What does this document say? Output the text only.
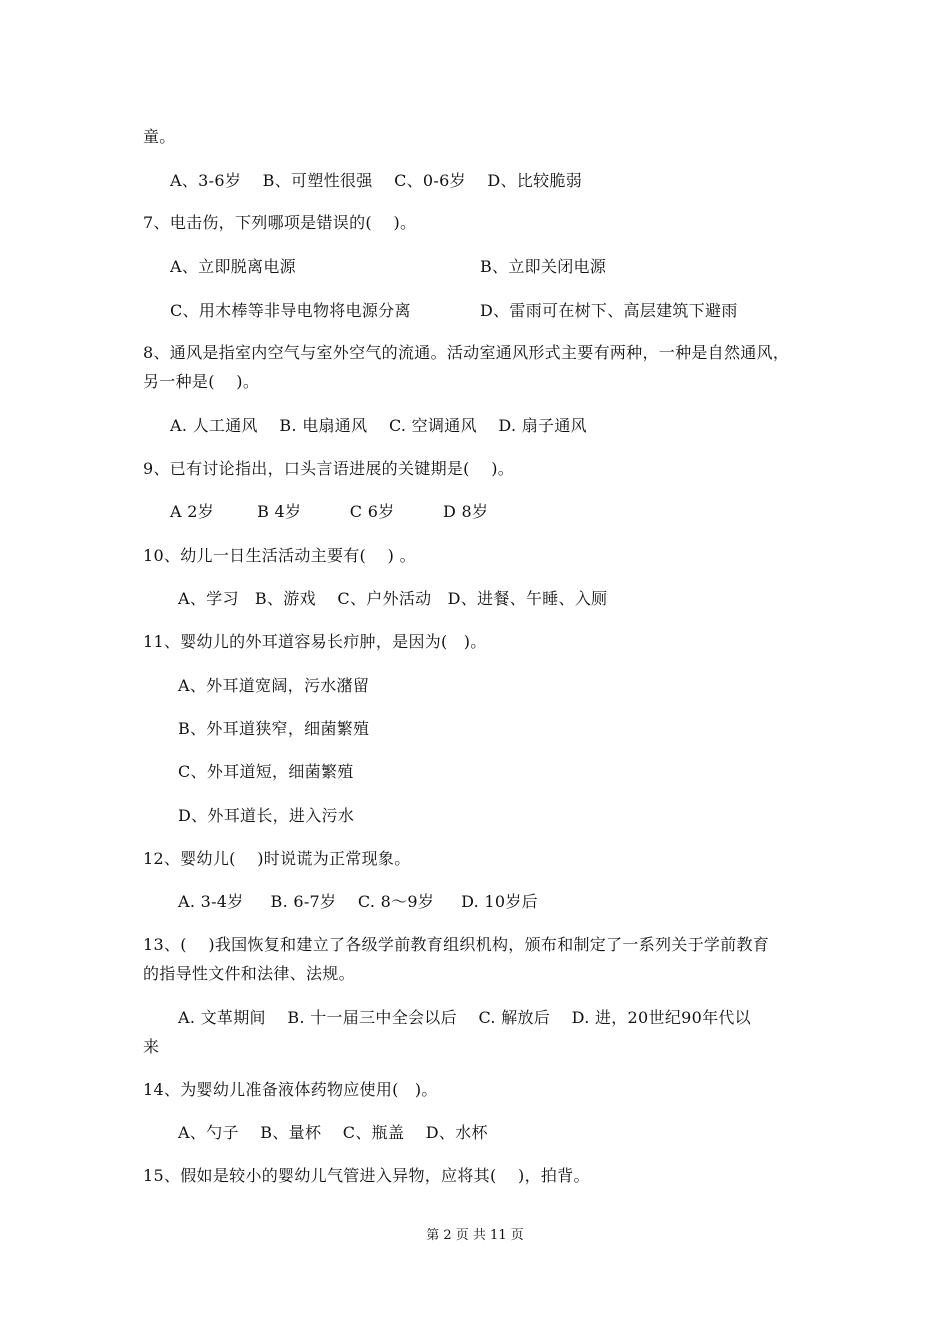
童。
A、3-6岁    B、可塑性很强    C、0-6岁    D、比较脆弱
7、电击伤，下列哪项是错误的(    )。
A、立即脱离电源	B、立即关闭电源
C、用木棒等非导电物将电源分离	D、雷雨可在树下、高层建筑下避雨
8、通风是指室内空气与室外空气的流通。活动室通风形式主要有两种，一种是自然通风，
另一种是(    )。
A. 人工通风    B. 电扇通风    C. 空调通风    D. 扇子通风
9、已有讨论指出，口头言语进展的关键期是(    )。
A 2岁        B 4岁         C 6岁         D 8岁
10、幼儿一日生活活动主要有(    ) 。
A、学习   B、游戏    C、户外活动   D、进餐、午睡、入厕
11、婴幼儿的外耳道容易长疖肿，是因为(   )。
A、外耳道宽阔，污水潴留
B、外耳道狭窄，细菌繁殖
C、外耳道短，细菌繁殖
D、外耳道长，进入污水
12、婴幼儿(    )时说谎为正常现象。
A. 3-4岁     B. 6-7岁    C. 8～9岁     D. 10岁后
13、(    )我国恢复和建立了各级学前教育组织机构，颁布和制定了一系列关于学前教育
的指导性文件和法律、法规。
A. 文革期间    B. 十一届三中全会以后    C. 解放后    D. 进，20世纪90年代以
来
14、为婴幼儿准备液体药物应使用(   )。
A、勺子    B、量杯    C、瓶盖    D、水杯
15、假如是较小的婴幼儿气管进入异物，应将其(    )，拍背。
第 2 页 共 11 页
